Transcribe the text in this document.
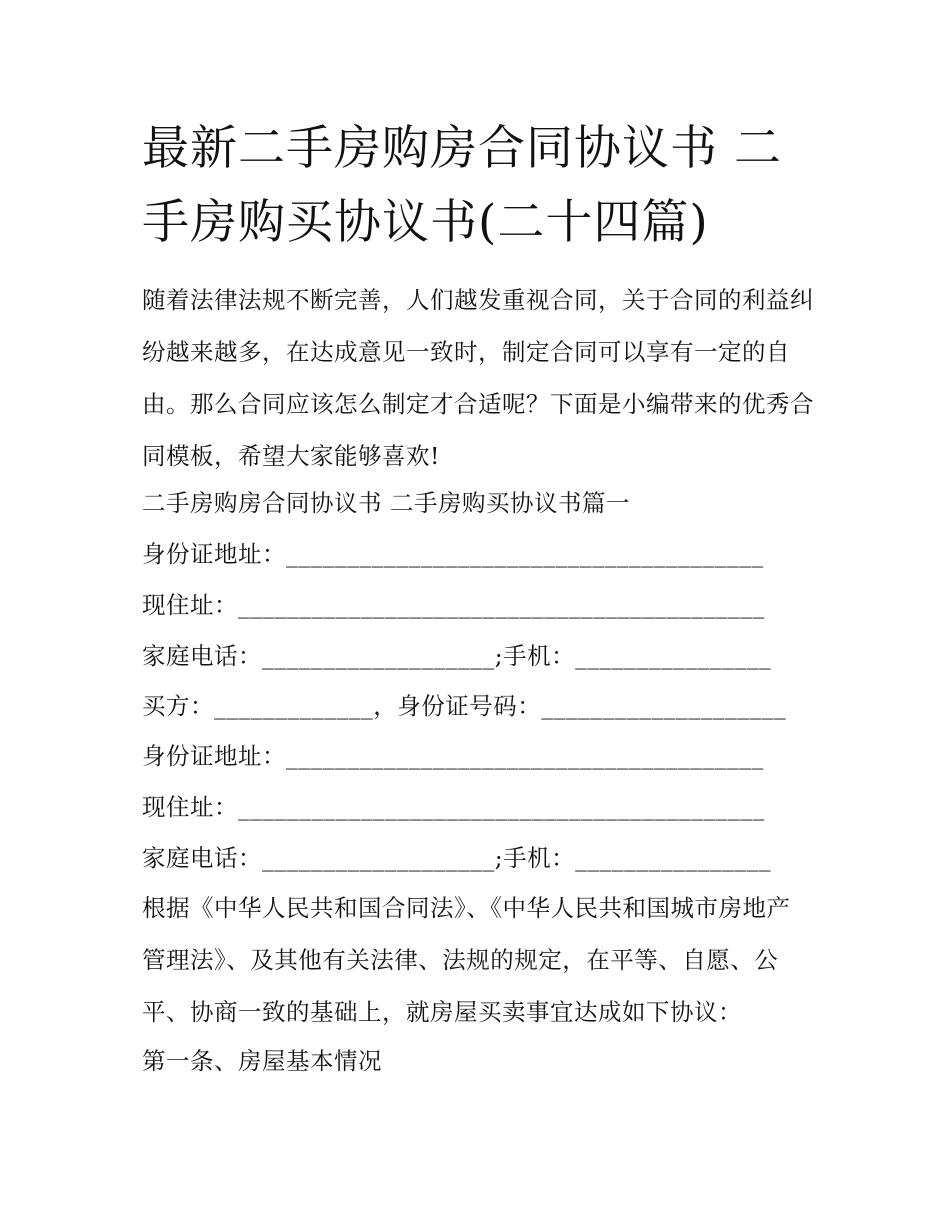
最新二手房购房合同协议书 二手房购买协议书(二十四篇)

随着法律法规不断完善，人们越发重视合同，关于合同的利益纠纷越来越多，在达成意见一致时，制定合同可以享有一定的自由。那么合同应该怎么制定才合适呢？下面是小编带来的优秀合同模板，希望大家能够喜欢!

二手房购房合同协议书 二手房购买协议书篇一

身份证地址：_______________________________________

现住址：___________________________________________

家庭电话：___________________;手机：________________

买方：_____________，身份证号码：____________________

身份证地址：_______________________________________

现住址：___________________________________________

家庭电话：___________________;手机：________________

根据《中华人民共和国合同法》、《中华人民共和国城市房地产管理法》、及其他有关法律、法规的规定，在平等、自愿、公平、协商一致的基础上，就房屋买卖事宜达成如下协议：

第一条、房屋基本情况
